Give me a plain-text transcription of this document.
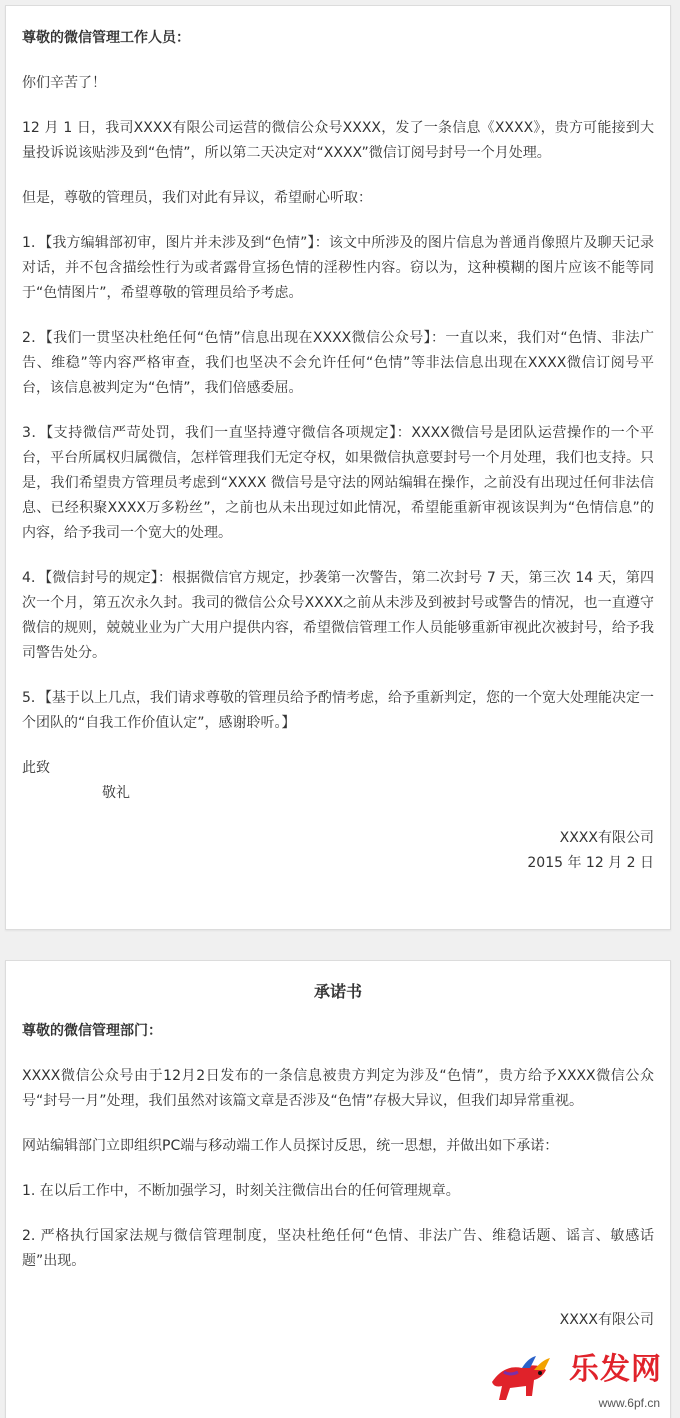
尊敬的微信管理工作人员：

你们辛苦了！

12 月 1 日，我司XXXX有限公司运营的微信公众号XXXX，发了一条信息《XXXX》，贵方可能接到大量投诉说该贴涉及到“色情”，所以第二天决定对“XXXX”微信订阅号封号一个月处理。

但是，尊敬的管理员，我们对此有异议，希望耐心听取：

1．【我方编辑部初审，图片并未涉及到“色情”】：该文中所涉及的图片信息为普通肖像照片及聊天记录对话，并不包含描绘性行为或者露骨宣扬色情的淫秽性内容。窃以为，这种模糊的图片应该不能等同于“色情图片”，希望尊敬的管理员给予考虑。

2．【我们一贯坚决杜绝任何“色情”信息出现在XXXX微信公众号】：一直以来，我们对“色情、非法广告、维稳”等内容严格审查，我们也坚决不会允许任何“色情”等非法信息出现在XXXX微信订阅号平台，该信息被判定为“色情”，我们倍感委屈。

3．【支持微信严苛处罚，我们一直坚持遵守微信各项规定】：XXXX微信号是团队运营操作的一个平台，平台所属权归属微信，怎样管理我们无定夺权，如果微信执意要封号一个月处理，我们也支持。只是，我们希望贵方管理员考虑到“XXXX 微信号是守法的网站编辑在操作，之前没有出现过任何非法信息、已经积聚XXXX万多粉丝”，之前也从未出现过如此情况，希望能重新审视该误判为“色情信息”的内容，给予我司一个宽大的处理。

4．【微信封号的规定】：根据微信官方规定，抄袭第一次警告，第二次封号 7 天，第三次 14 天，第四次一个月，第五次永久封。我司的微信公众号XXXX之前从未涉及到被封号或警告的情况，也一直遵守微信的规则，兢兢业业为广大用户提供内容，希望微信管理工作人员能够重新审视此次被封号，给予我司警告处分。

5．【基于以上几点，我们请求尊敬的管理员给予酌情考虑，给予重新判定，您的一个宽大处理能决定一个团队的“自我工作价值认定”，感谢聆听。】

此致

敬礼

XXXX有限公司

2015 年 12 月 2 日

承诺书

尊敬的微信管理部门：

XXXX微信公众号由于12月2日发布的一条信息被贵方判定为涉及“色情”，贵方给予XXXX微信公众号“封号一月”处理，我们虽然对该篇文章是否涉及“色情”存极大异议，但我们却异常重视。

网站编辑部门立即组织PC端与移动端工作人员探讨反思，统一思想，并做出如下承诺：

1. 在以后工作中，不断加强学习，时刻关注微信出台的任何管理规章。

2. 严格执行国家法规与微信管理制度，坚决杜绝任何“色情、非法广告、维稳话题、谣言、敏感话题”出现。

XXXX有限公司

乐发网
www.6pf.cn
